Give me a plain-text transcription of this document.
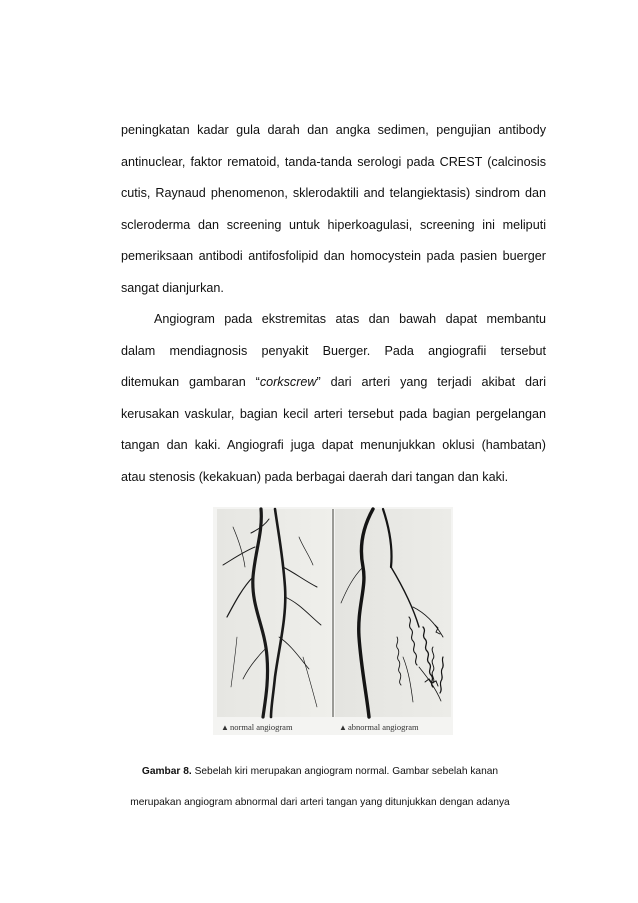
peningkatan kadar gula darah dan angka sedimen, pengujian antibody
antinuclear, faktor rematoid, tanda-tanda serologi pada CREST (calcinosis
cutis, Raynaud phenomenon, sklerodaktili and telangiektasis) sindrom dan
scleroderma dan screening untuk hiperkoagulasi, screening ini meliputi
pemeriksaan antibodi antifosfolipid dan homocystein pada pasien buerger
sangat dianjurkan.
Angiogram pada ekstremitas atas dan bawah dapat membantu
dalam mendiagnosis penyakit Buerger. Pada angiografii tersebut
ditemukan gambaran “corkscrew” dari arteri yang terjadi akibat dari
kerusakan vaskular, bagian kecil arteri tersebut pada bagian pergelangan
tangan dan kaki. Angiografi juga dapat menunjukkan oklusi (hambatan)
atau stenosis (kekakuan) pada berbagai daerah dari tangan dan kaki.
▲ normal angiogram	▲ abnormal angiogram
Gambar 8. Sebelah kiri merupakan angiogram normal. Gambar sebelah kanan
merupakan angiogram abnormal dari arteri tangan yang ditunjukkan dengan adanya
